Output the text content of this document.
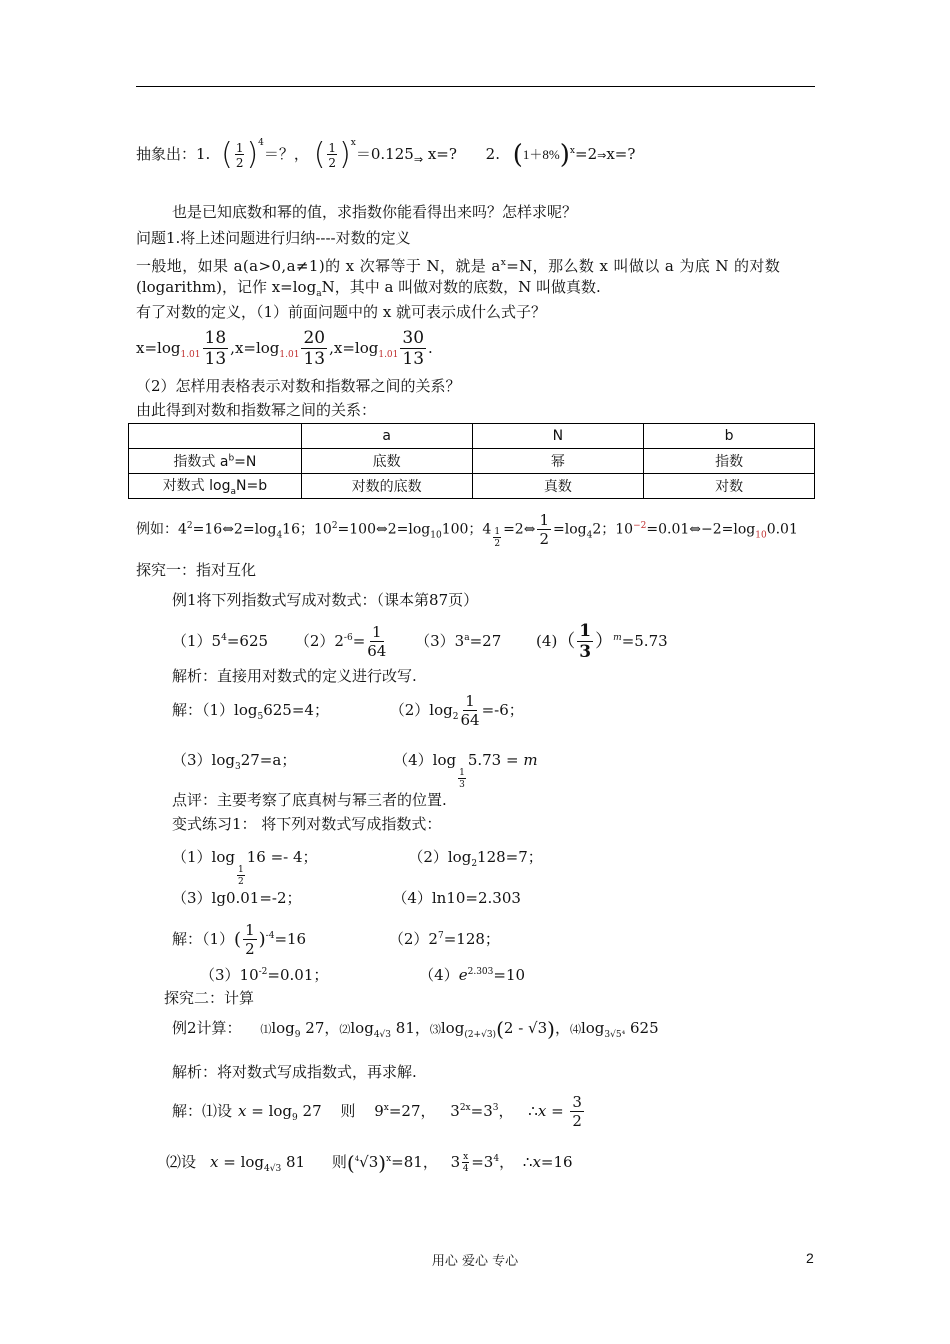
抽象出：1. ( $\frac{1}{2} )^4=$？， ( $\frac{1}{2} )^x=0.125_\Rightarrow$ x=? 2. $(1+8\%)^x=2\Rightarrow x=$?
也是已知底数和幂的值，求指数你能看得出来吗？怎样求呢？
问题1.将上述问题进行归纳----对数的定义
一般地，如果 a(a>0,a≠1)的 x 次幂等于 N，就是 $a^x=N$，那么数 x 叫做以 a 为底 N 的对数
(logarithm)，记作 $x=\log_aN$，其中 a 叫做对数的底数，N 叫做真数.
有了对数的定义，（1）前面问题中的 x 就可表示成什么式子？
$x=\log_{1.01} \frac{18}{13} ,x=\log_{1.01} \frac{20}{13} ,x=\log_{1.01} \frac{30}{13}$ .
（2）怎样用表格表示对数和指数幂之间的关系？
由此得到对数和指数幂之间的关系：
	a	N	b
指数式 $a^b=N$	底数	幂	指数
对数式 $\log_aN=b$	对数的底数	真数	对数
例如：$4^2=16\Leftrightarrow 2=\log_416$；$10^2=100\Leftrightarrow 2=\log_{10}100$；$4 \frac{1}{2}$ =2⇔ $\frac{1}{2} =\log_42$；$10^{-2}=0.01\Leftrightarrow-2=\log_{10}0.01$
探究一：指对互化
例1将下列指数式写成对数式：（课本第87页）
$(1)5^4=625$ $(2)2^{-6}= \frac{1}{64} (3)3^a=27$ $(4)( \frac{1}{3} )^m=5.73$
解析：直接用对数式的定义进行改写.
解：$(1)\log_5625=4$；	$(2)\log_2 \frac{1}{64} =-6$；
$(3)\log_327=a$；	（4）log
$\frac{1}{3}$
5.73 = m
点评：主要考察了底真树与幂三者的位置.
变式练习1： 将下列对数式写成指数式：
（1）log
$\frac{1}{2}$
16 =- 4；	$(2)\log_2128=7$；
（3）lg0.01=-2；	（4）ln10=2.303
解：$(1)( \frac{1}{2} )^{-4}=16$	$(2)2^7=128$；
$(3)10^{-2}=0.01$；	$(4)e^{2.303}=10$
探究二：计算
例2计算： $⑴\log_9$ 27，$⑵\log_{4√3}$ 81，$⑶\log_{(2+√3)}(2 - √3)$，$⑷\log_{3√5^4}$ 625
解析：将对数式写成指数式，再求解.
解：⑴设 $x = \log_9 27$ 则 $9^x=27$， $3^{2x}=3^3$， ∴x = $\frac{3}{2}$
⑵设 $x = \log_{4√3} 81$ 则$(^4√3)^x=81$， $3 \frac{x}{4} =3^4$， ∴x=16
用心 爱心 专心	2
